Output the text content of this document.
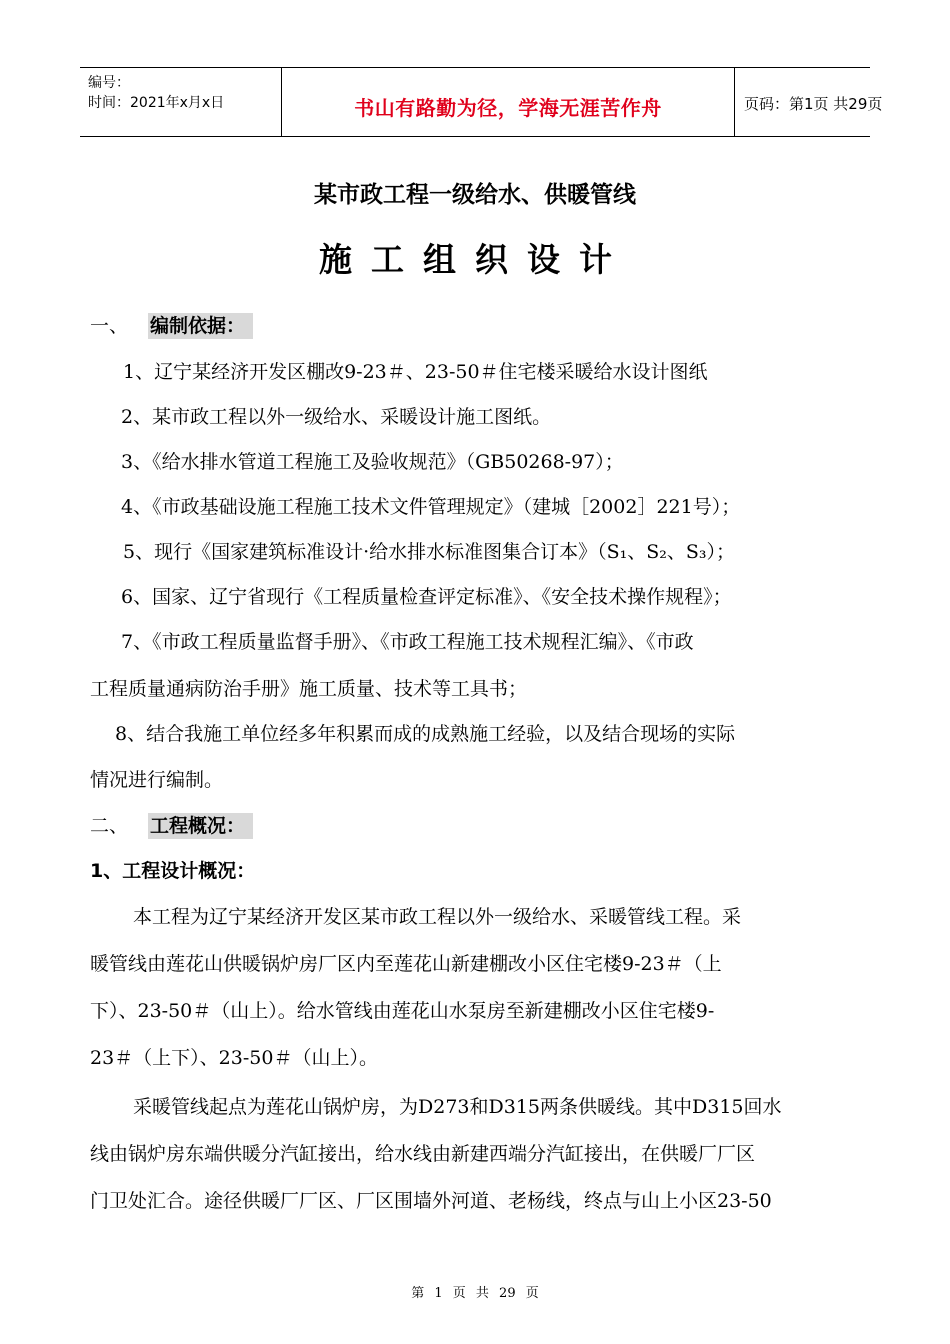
编号：
时间：2021年x月x日	书山有路勤为径，学海无涯苦作舟	页码：第1页 共29页
某市政工程一级给水、供暖管线
施工组织设计
一、 编制依据：
1、辽宁某经济开发区棚改9-23＃、23-50＃住宅楼采暖给水设计图纸
2、某市政工程以外一级给水、采暖设计施工图纸。
3、《给水排水管道工程施工及验收规范》（GB50268-97）；
4、《市政基础设施工程施工技术文件管理规定》（建城［2002］221号）；
5、现行《国家建筑标准设计·给水排水标准图集合订本》（S₁、S₂、S₃）；
6、国家、辽宁省现行《工程质量检查评定标准》、《安全技术操作规程》；
7、《市政工程质量监督手册》、《市政工程施工技术规程汇编》、《市政
工程质量通病防治手册》施工质量、技术等工具书；
8、结合我施工单位经多年积累而成的成熟施工经验，以及结合现场的实际
情况进行编制。
二、 工程概况：
1、工程设计概况：
本工程为辽宁某经济开发区某市政工程以外一级给水、采暖管线工程。采
暖管线由莲花山供暖锅炉房厂区内至莲花山新建棚改小区住宅楼9-23＃（上
下）、23-50＃（山上）。给水管线由莲花山水泵房至新建棚改小区住宅楼9-
23＃（上下）、23-50＃（山上）。
采暖管线起点为莲花山锅炉房，为D273和D315两条供暖线。其中D315回水
线由锅炉房东端供暖分汽缸接出，给水线由新建西端分汽缸接出，在供暖厂厂区
门卫处汇合。途径供暖厂厂区、厂区围墙外河道、老杨线，终点与山上小区23-50
第 1 页 共 29 页
